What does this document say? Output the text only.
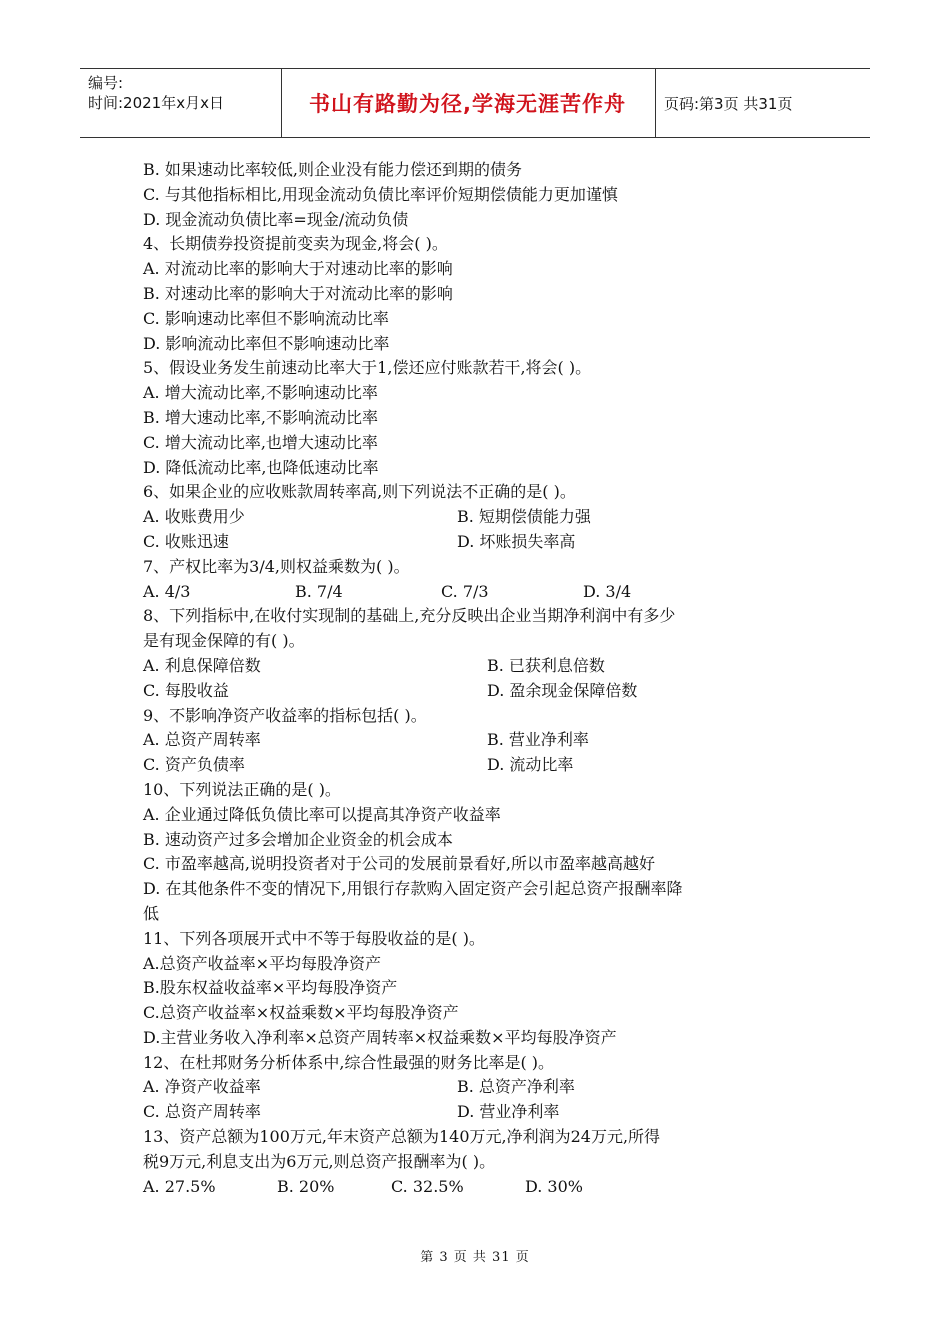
编号:
时间:2021年x月x日	书山有路勤为径,学海无涯苦作舟	页码:第3页 共31页
B. 如果速动比率较低,则企业没有能力偿还到期的债务
C. 与其他指标相比,用现金流动负债比率评价短期偿债能力更加谨慎
D. 现金流动负债比率=现金/流动负债
4、长期债券投资提前变卖为现金,将会( )。
A. 对流动比率的影响大于对速动比率的影响
B. 对速动比率的影响大于对流动比率的影响
C. 影响速动比率但不影响流动比率
D. 影响流动比率但不影响速动比率
5、假设业务发生前速动比率大于1,偿还应付账款若干,将会( )。
A. 增大流动比率,不影响速动比率
B. 增大速动比率,不影响流动比率
C. 增大流动比率,也增大速动比率
D. 降低流动比率,也降低速动比率
6、如果企业的应收账款周转率高,则下列说法不正确的是( )。
A. 收账费用少	B. 短期偿债能力强
C. 收账迅速	D. 坏账损失率高
7、产权比率为3/4,则权益乘数为( )。
A. 4/3	B. 7/4	C. 7/3	D. 3/4
8、下列指标中,在收付实现制的基础上,充分反映出企业当期净利润中有多少
是有现金保障的有( )。
A. 利息保障倍数	B. 已获利息倍数
C. 每股收益	D. 盈余现金保障倍数
9、不影响净资产收益率的指标包括( )。
A. 总资产周转率	B. 营业净利率
C. 资产负债率	D. 流动比率
10、下列说法正确的是( )。
A. 企业通过降低负债比率可以提高其净资产收益率
B. 速动资产过多会增加企业资金的机会成本
C. 市盈率越高,说明投资者对于公司的发展前景看好,所以市盈率越高越好
D. 在其他条件不变的情况下,用银行存款购入固定资产会引起总资产报酬率降
低
11、下列各项展开式中不等于每股收益的是( )。
A.总资产收益率×平均每股净资产
B.股东权益收益率×平均每股净资产
C.总资产收益率×权益乘数×平均每股净资产
D.主营业务收入净利率×总资产周转率×权益乘数×平均每股净资产
12、在杜邦财务分析体系中,综合性最强的财务比率是( )。
A. 净资产收益率	B. 总资产净利率
C. 总资产周转率	D. 营业净利率
13、资产总额为100万元,年末资产总额为140万元,净利润为24万元,所得
税9万元,利息支出为6万元,则总资产报酬率为( )。
A. 27.5%	B. 20%	C. 32.5%	D. 30%
第 3 页 共 31 页
